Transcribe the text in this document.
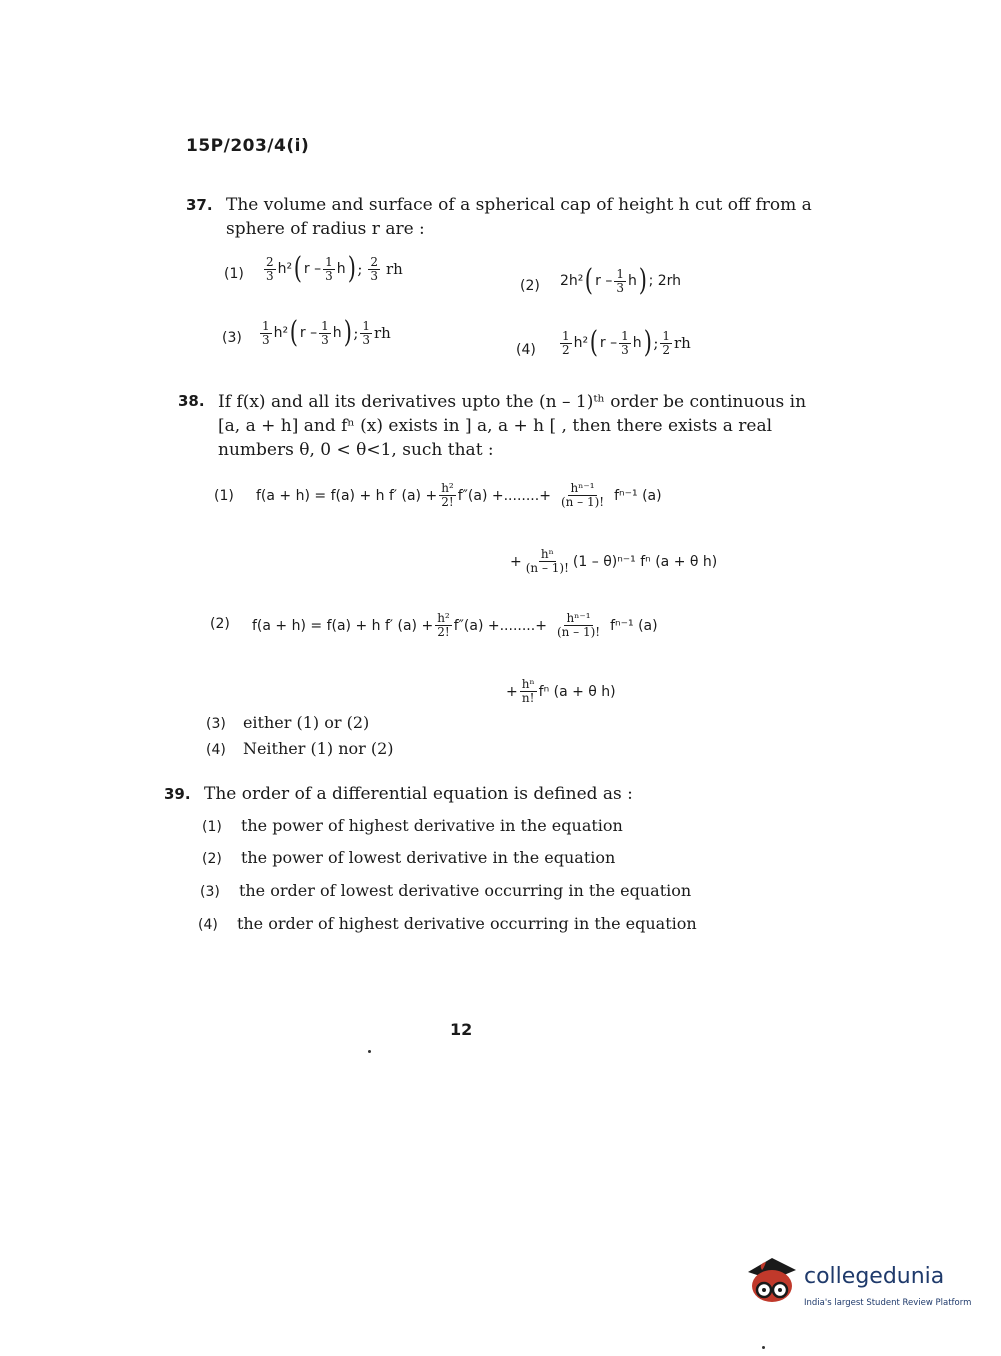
15P/203/4(i)
37. The volume and surface of a spherical cap of height h cut off from a
sphere of radius r are :
$(1) \frac{2}{3} h^2$ ( r – $\frac{1}{3}$ h ) ; $\frac{2}{3}$ rh
(2) 2h² ( r – $\frac{1}{3}$ h ) ; 2rh
$(3) \frac{1}{3} h^2$ ( r – $\frac{1}{3}$ h ) ; $\frac{1}{3}$ rh
$(4) \frac{1}{2} h^2$ ( r – $\frac{1}{3}$ h ) ; $\frac{1}{2}$ rh
38. If f(x) and all its derivatives upto the (n – 1)ᵗʰ order be continuous in
[a, a + h] and fⁿ (x) exists in ] a, a + h [ , then there exists a real
numbers θ, 0 < θ<1, such that :
(1) f(a + h) = f(a) + h f′ $(a) + \frac{\text{h²}}{2!} f''(a)$ +........+ $\frac{\text{hⁿ⁻¹}}{(n - 1)!} f^{n-1}$ (a)
+ $\frac{\text{hⁿ}}{(n - 1)!} (1 - \theta)^{n-1}$ fⁿ (a + θ h)
(2) f(a + h) = f(a) + h f′ $(a) + \frac{\text{h²}}{2!} f''(a)$ +........+ $\frac{\text{hⁿ⁻¹}}{(n - 1)!} f^{n-1}$ (a)
+ $\frac{\text{hⁿ}}{n!}$ fⁿ (a + θ h)
(3) either (1) or (2)
(4) Neither (1) nor (2)
39. The order of a differential equation is defined as :
(1) the power of highest derivative in the equation
(2) the power of lowest derivative in the equation
(3) the order of lowest derivative occurring in the equation
(4) the order of highest derivative occurring in the equation
12
collegedunia
India's largest Student Review Platform
